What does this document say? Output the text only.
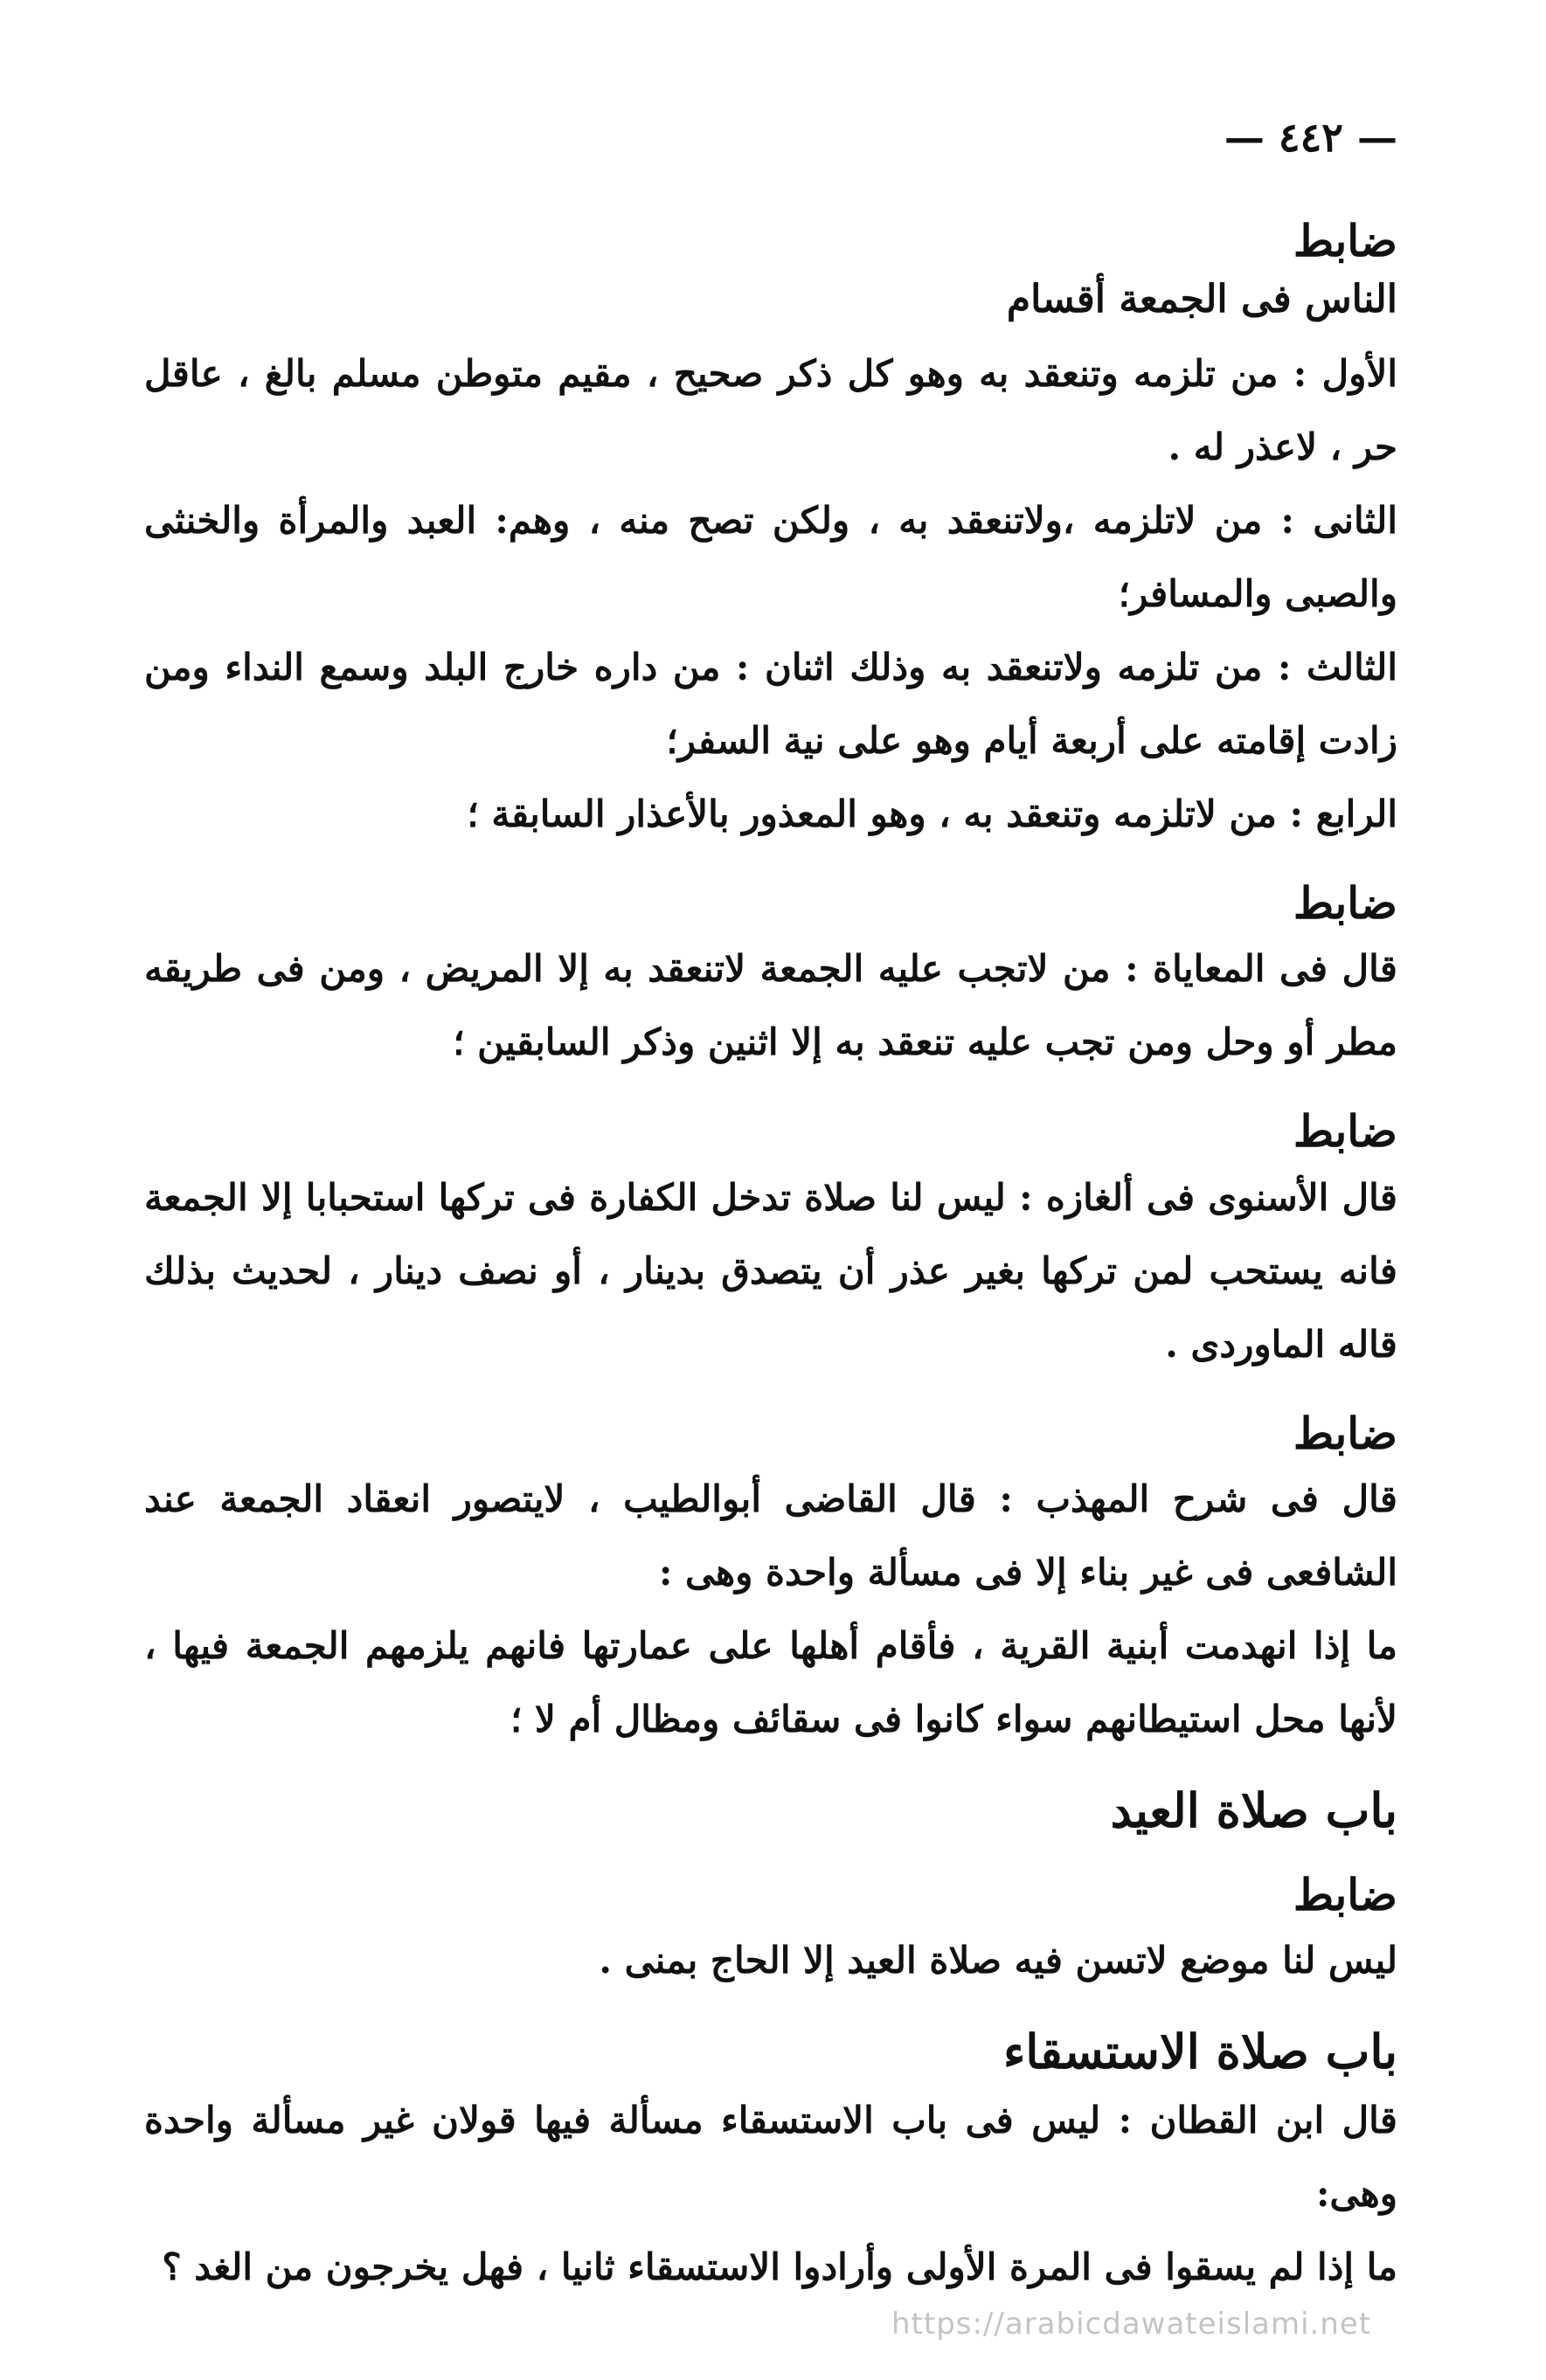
— ٤٤٢ —
ضابط
الناس فى الجمعة أقسام

الأول : من تلزمه وتنعقد به وهو كل ذكر صحيح ، مقيم متوطن مسلم بالغ ، عاقل حر ، لاعذر له .

الثانى : من لاتلزمه ،ولاتنعقد به ، ولكن تصح منه ، وهم: العبد والمرأة والخنثى والصبى والمسافر؛

الثالث : من تلزمه ولاتنعقد به وذلك اثنان : من داره خارج البلد وسمع النداء ومن زادت إقامته على أربعة أيام وهو على نية السفر؛

الرابع : من لاتلزمه وتنعقد به ، وهو المعذور بالأعذار السابقة ؛

ضابط

قال فى المعاياة : من لاتجب عليه الجمعة لاتنعقد به إلا المريض ، ومن فى طريقه مطر أو وحل ومن تجب عليه تنعقد به إلا اثنين وذكر السابقين ؛

ضابط

قال الأسنوى فى ألغازه : ليس لنا صلاة تدخل الكفارة فى تركها استحبابا إلا الجمعة فانه يستحب لمن تركها بغير عذر أن يتصدق بدينار ، أو نصف دينار ، لحديث بذلك قاله الماوردى .

ضابط

قال فى شرح المهذب : قال القاضى أبوالطيب ، لايتصور انعقاد الجمعة عند الشافعى فى غير بناء إلا فى مسألة واحدة وهى :

ما إذا انهدمت أبنية القرية ، فأقام أهلها على عمارتها فانهم يلزمهم الجمعة فيها ، لأنها محل استيطانهم سواء كانوا فى سقائف ومظال أم لا ؛

باب صلاة العيد
ضابط

ليس لنا موضع لاتسن فيه صلاة العيد إلا الحاج بمنى .

باب صلاة الاستسقاء

قال ابن القطان : ليس فى باب الاستسقاء مسألة فيها قولان غير مسألة واحدة وهى:

ما إذا لم يسقوا فى المرة الأولى وأرادوا الاستسقاء ثانيا ، فهل يخرجون من الغد ؟

https://arabicdawateislami.net
